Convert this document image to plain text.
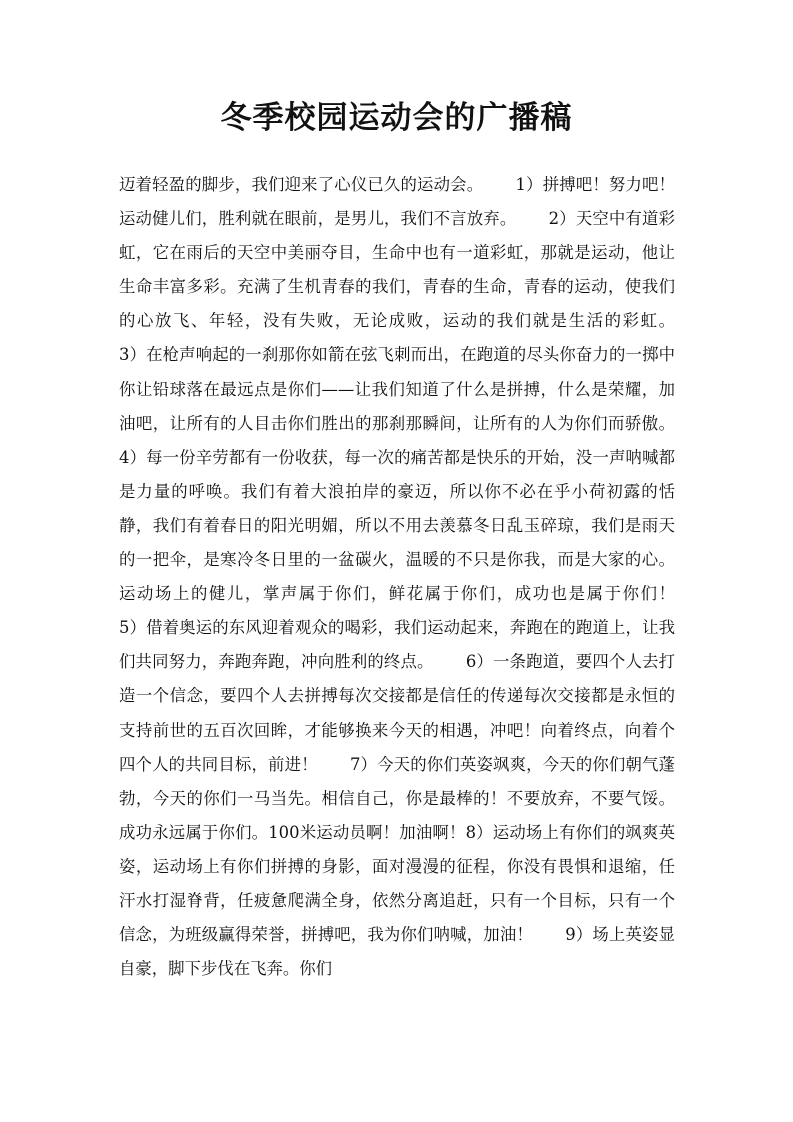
冬季校园运动会的广播稿

迈着轻盈的脚步，我们迎来了心仪已久的运动会。      1）拼搏吧！努力吧！运动健儿们，胜利就在眼前，是男儿，我们不言放弃。      2）天空中有道彩虹，它在雨后的天空中美丽夺目，生命中也有一道彩虹，那就是运动，他让生命丰富多彩。充满了生机青春的我们，青春的生命，青春的运动，使我们的心放飞、年轻，没有失败，无论成败，运动的我们就是生活的彩虹。      3）在枪声响起的一刹那你如箭在弦飞刺而出，在跑道的尽头你奋力的一掷中你让铅球落在最远点是你们——让我们知道了什么是拼搏，什么是荣耀，加油吧，让所有的人目击你们胜出的那刹那瞬间，让所有的人为你们而骄傲。      4）每一份辛劳都有一份收获，每一次的痛苦都是快乐的开始，没一声呐喊都是力量的呼唤。我们有着大浪拍岸的豪迈，所以你不必在乎小荷初露的恬静，我们有着春日的阳光明媚，所以不用去羡慕冬日乱玉碎琼，我们是雨天的一把伞，是寒冷冬日里的一盆碳火，温暖的不只是你我，而是大家的心。运动场上的健儿，掌声属于你们，鲜花属于你们，成功也是属于你们！      5）借着奥运的东风迎着观众的喝彩，我们运动起来，奔跑在的跑道上，让我们共同努力，奔跑奔跑，冲向胜利的终点。      6）一条跑道，要四个人去打造一个信念，要四个人去拼搏每次交接都是信任的传递每次交接都是永恒的支持前世的五百次回眸，才能够换来今天的相遇，冲吧！向着终点，向着个四个人的共同目标，前进！      7）今天的你们英姿飒爽，今天的你们朝气蓬勃，今天的你们一马当先。相信自己，你是最棒的！不要放弃，不要气馁。成功永远属于你们。100米运动员啊！加油啊！8）运动场上有你们的飒爽英姿，运动场上有你们拼搏的身影，面对漫漫的征程，你没有畏惧和退缩，任汗水打湿脊背，任疲惫爬满全身，依然分离追赶，只有一个目标，只有一个信念，为班级赢得荣誉，拼搏吧，我为你们呐喊，加油！      9）场上英姿显自豪，脚下步伐在飞奔。你们
